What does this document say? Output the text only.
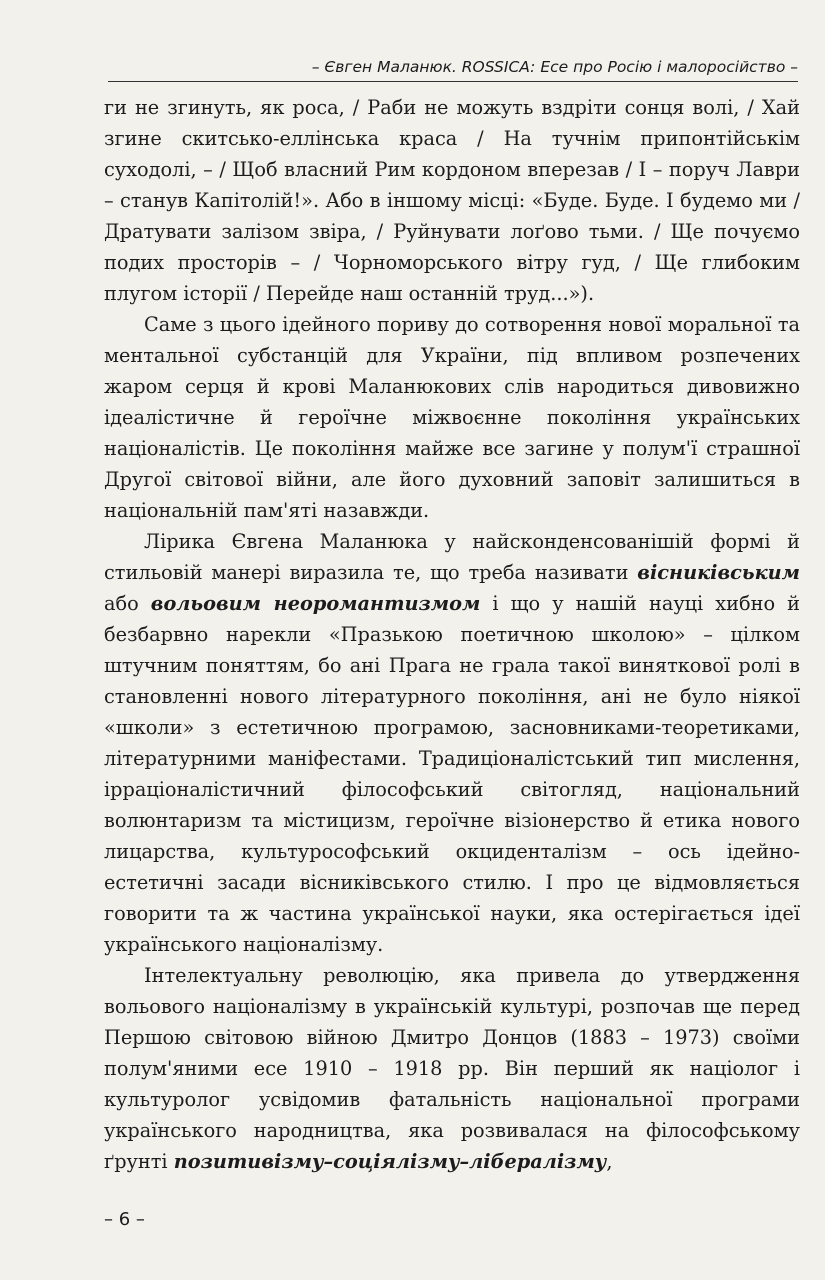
– Євген Маланюк. ROSSICA: Есе про Росію і малоросійство –

ги не згинуть, як роса, / Раби не можуть вздріти сонця волі, / Хай згине скитсько-еллінська краса / На тучнім припонтійськім суходолі, – / Щоб власний Рим кордоном вперезав / І – поруч Лаври – станув Капітолій!». Або в іншому місці: «Буде. Буде. І будемо ми / Дратувати залізом звіра, / Руйнувати лоґово тьми. / Ще почуємо подих просторів – / Чорноморського вітру гуд, / Ще глибоким плугом історії / Перейде наш останній труд...»).

Саме з цього ідейного пориву до сотворення нової моральної та ментальної субстанцій для України, під впливом розпечених жаром серця й крові Маланюкових слів народиться дивовижно ідеалістичне й героїчне міжвоєнне покоління українських націоналістів. Це покоління майже все загине у полум'ї страшної Другої світової війни, але його духовний заповіт залишиться в національній пам'яті назавжди.

Лірика Євгена Маланюка у найсконденсованішій формі й стильовій манері виразила те, що треба називати вісниківським або вольовим неоромантизмом і що у нашій науці хибно й безбарвно нарекли «Празькою поетичною школою» – цілком штучним поняттям, бо ані Прага не грала такої виняткової ролі в становленні нового літературного покоління, ані не було ніякої «школи» з естетичною програмою, засновниками-теоретиками, літературними маніфестами. Традиціоналістський тип мислення, ірраціоналістичний філософський світогляд, національний волюнтаризм та містицизм, героїчне візіонерство й етика нового лицарства, культурософський окциденталізм – ось ідейно-естетичні засади вісниківського стилю. І про це відмовляється говорити та ж частина української науки, яка остерігається ідеї українського націоналізму.

Інтелектуальну революцію, яка привела до утвердження вольового націоналізму в українській культурі, розпочав ще перед Першою світовою війною Дмитро Донцов (1883 – 1973) своїми полум'яними есе 1910 – 1918 рр. Він перший як націолог і культуролог усвідомив фатальність національної програми українського народництва, яка розвивалася на філософському ґрунті позитивізму–соціялізму–лібералізму,

– 6 –
